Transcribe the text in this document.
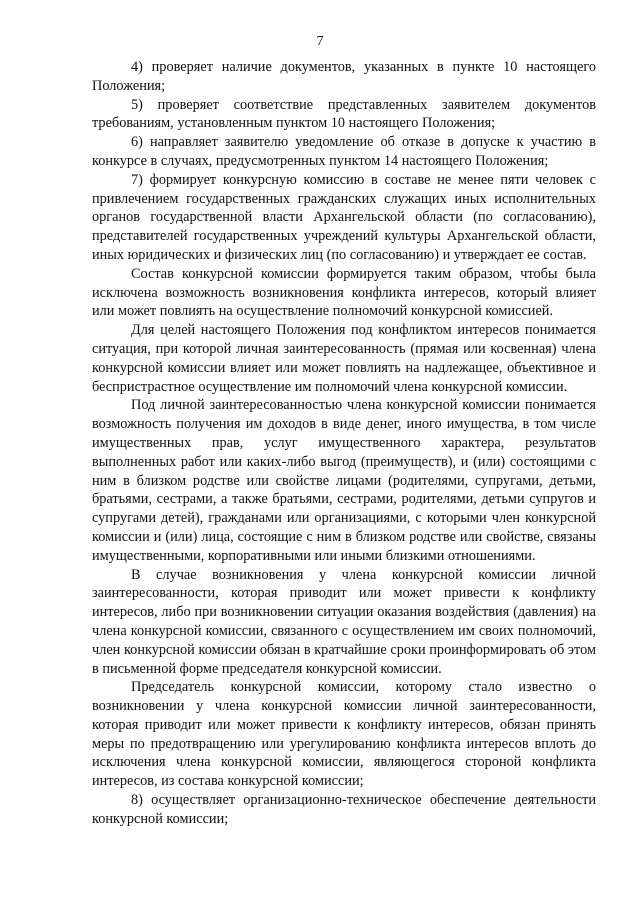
7

4) проверяет наличие документов, указанных в пункте 10 настоящего Положения;

5) проверяет соответствие представленных заявителем документов требованиям, установленным пунктом 10 настоящего Положения;

6) направляет заявителю уведомление об отказе в допуске к участию в конкурсе в случаях, предусмотренных пунктом 14 настоящего Положения;

7) формирует конкурсную комиссию в составе не менее пяти человек с привлечением государственных гражданских служащих иных исполнительных органов государственной власти Архангельской области (по согласованию), представителей государственных учреждений культуры Архангельской области, иных юридических и физических лиц (по согласованию) и утверждает ее состав.

Состав конкурсной комиссии формируется таким образом, чтобы была исключена возможность возникновения конфликта интересов, который влияет или может повлиять на осуществление полномочий конкурсной комиссией.

Для целей настоящего Положения под конфликтом интересов понимается ситуация, при которой личная заинтересованность (прямая или косвенная) члена конкурсной комиссии влияет или может повлиять на надлежащее, объективное и беспристрастное осуществление им полномочий члена конкурсной комиссии.

Под личной заинтересованностью члена конкурсной комиссии понимается возможность получения им доходов в виде денег, иного имущества, в том числе имущественных прав, услуг имущественного характера, результатов выполненных работ или каких-либо выгод (преимуществ), и (или) состоящими с ним в близком родстве или свойстве лицами (родителями, супругами, детьми, братьями, сестрами, а также братьями, сестрами, родителями, детьми супругов и супругами детей), гражданами или организациями, с которыми член конкурсной комиссии и (или) лица, состоящие с ним в близком родстве или свойстве, связаны имущественными, корпоративными или иными близкими отношениями.

В случае возникновения у члена конкурсной комиссии личной заинтересованности, которая приводит или может привести к конфликту интересов, либо при возникновении ситуации оказания воздействия (давления) на члена конкурсной комиссии, связанного с осуществлением им своих полномочий, член конкурсной комиссии обязан в кратчайшие сроки проинформировать об этом в письменной форме председателя конкурсной комиссии.

Председатель конкурсной комиссии, которому стало известно о возникновении у члена конкурсной комиссии личной заинтересованности, которая приводит или может привести к конфликту интересов, обязан принять меры по предотвращению или урегулированию конфликта интересов вплоть до исключения члена конкурсной комиссии, являющегося стороной конфликта интересов, из состава конкурсной комиссии;

8) осуществляет организационно-техническое обеспечение деятельности конкурсной комиссии;
